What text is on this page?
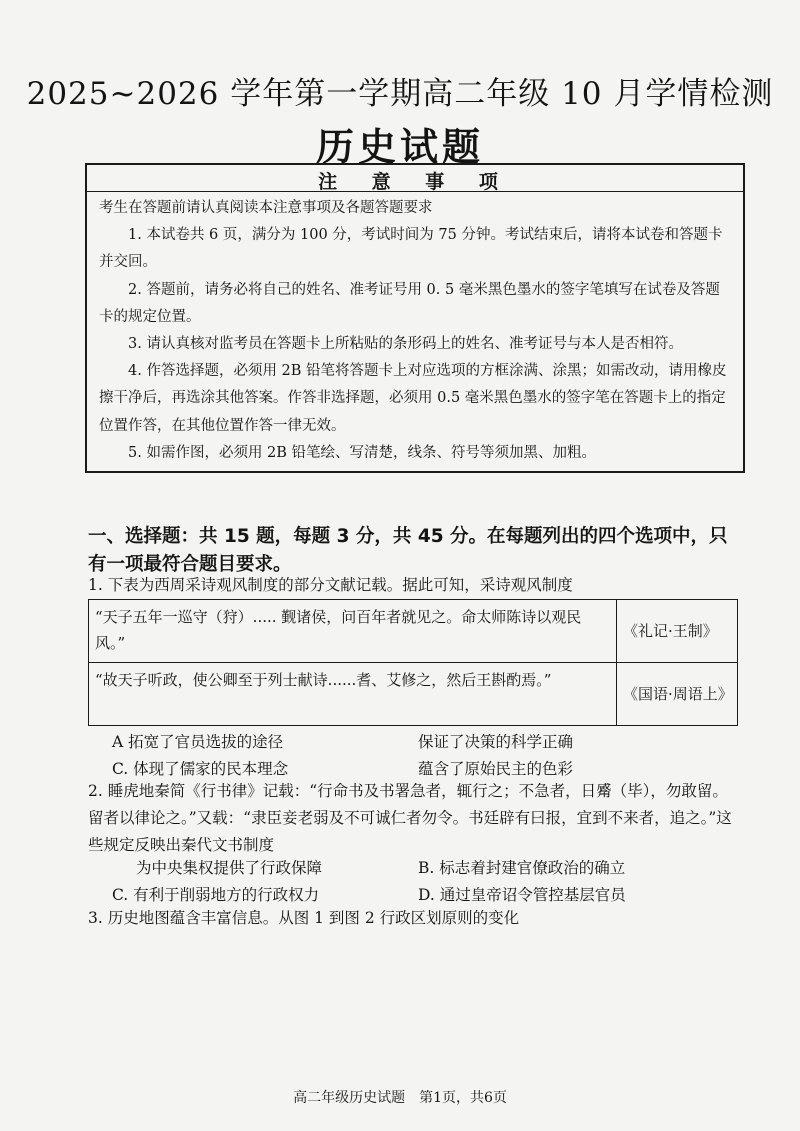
2025~2026 学年第一学期高二年级 10 月学情检测
历史试题
注 意 事 项

考生在答题前请认真阅读本注意事项及各题答题要求

1. 本试卷共 6 页，满分为 100 分，考试时间为 75 分钟。考试结束后，请将本试卷和答题卡并交回。

2. 答题前，请务必将自己的姓名、准考证号用 0. 5 毫米黑色墨水的签字笔填写在试卷及答题卡的规定位置。

3. 请认真核对监考员在答题卡上所粘贴的条形码上的姓名、准考证号与本人是否相符。

4. 作答选择题，必须用 2B 铅笔将答题卡上对应选项的方框涂满、涂黑；如需改动，请用橡皮擦干净后，再选涂其他答案。作答非选择题，必须用 0.5 毫米黑色墨水的签字笔在答题卡上的指定位置作答，在其他位置作答一律无效。

5. 如需作图，必须用 2B 铅笔绘、写清楚，线条、符号等须加黑、加粗。

一、选择题：共 15 题，每题 3 分，共 45 分。在每题列出的四个选项中，只有一项最符合题目要求。
1. 下表为西周采诗观风制度的部分文献记载。据此可知，采诗观风制度
“天子五年一巡守（狩）..... 觐诸侯，问百年者就见之。命太师陈诗以观民风。”	《礼记·王制》
“故天子听政，使公卿至于列士献诗......耆、艾修之，然后王斟酌焉。”	《国语·周语上》
A 拓宽了官员选拔的途径	保证了决策的科学正确
C. 体现了儒家的民本理念	蕴含了原始民主的色彩
2. 睡虎地秦简《行书律》记载：“行命书及书署急者，辄行之；不急者，日觱（毕），勿敢留。留者以律论之。”又载：“隶臣妾老弱及不可诚仁者勿令。书廷辟有曰报，宜到不来者，追之。”这些规定反映出秦代文书制度
为中央集权提供了行政保障	B. 标志着封建官僚政治的确立
C. 有利于削弱地方的行政权力	D. 通过皇帝诏令管控基层官员
3. 历史地图蕴含丰富信息。从图 1 到图 2 行政区划原则的变化
高二年级历史试题　第1页，共6页
